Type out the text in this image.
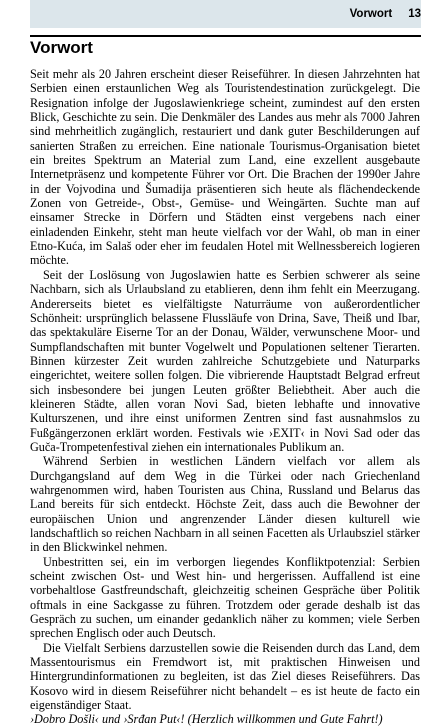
Vorwort 13
Vorwort

Seit mehr als 20 Jahren erscheint dieser Reiseführer. In diesen Jahrzehnten hat Serbien einen erstaunlichen Weg als Touristendestination zurückgelegt. Die Resignation infolge der Jugoslawienkriege scheint, zumindest auf den ersten Blick, Geschichte zu sein. Die Denkmäler des Landes aus mehr als 7000 Jahren sind mehrheitlich zugänglich, restauriert und dank guter Beschilderungen auf sanierten Straßen zu erreichen. Eine nationale Tourismus-Organisation bietet ein breites Spektrum an Material zum Land, eine exzellent ausgebaute Internetpräsenz und kompetente Führer vor Ort. Die Brachen der 1990er Jahre in der Vojvodina und Šumadija präsentieren sich heute als flächendeckende Zonen von Getreide-, Obst-, Gemüse- und Weingärten. Suchte man auf einsamer Strecke in Dörfern und Städten einst vergebens nach einer einladenden Einkehr, steht man heute vielfach vor der Wahl, ob man in einer Etno-Kuća, im Salaš oder eher im feudalen Hotel mit Wellnessbereich logieren möchte.

Seit der Loslösung von Jugoslawien hatte es Serbien schwerer als seine Nachbarn, sich als Urlaubsland zu etablieren, denn ihm fehlt ein Meerzugang. Andererseits bietet es vielfältigste Naturräume von außerordentlicher Schönheit: ursprünglich belassene Flussläufe von Drina, Save, Theiß und Ibar, das spektakuläre Eiserne Tor an der Donau, Wälder, verwunschene Moor- und Sumpflandschaften mit bunter Vogelwelt und Populationen seltener Tierarten. Binnen kürzester Zeit wurden zahlreiche Schutzgebiete und Naturparks eingerichtet, weitere sollen folgen. Die vibrierende Hauptstadt Belgrad erfreut sich insbesondere bei jungen Leuten größter Beliebtheit. Aber auch die kleineren Städte, allen voran Novi Sad, bieten lebhafte und innovative Kulturszenen, und ihre einst uniformen Zentren sind fast ausnahmslos zu Fußgängerzonen erklärt worden. Festivals wie ›EXIT‹ in Novi Sad oder das Guča-Trompetenfestival ziehen ein internationales Publikum an.

Während Serbien in westlichen Ländern vielfach vor allem als Durchgangsland auf dem Weg in die Türkei oder nach Griechenland wahrgenommen wird, haben Touristen aus China, Russland und Belarus das Land bereits für sich entdeckt. Höchste Zeit, dass auch die Bewohner der europäischen Union und angrenzender Länder diesen kulturell wie landschaftlich so reichen Nachbarn in all seinen Facetten als Urlaubsziel stärker in den Blickwinkel nehmen.

Unbestritten sei, ein im verborgen liegendes Konfliktpotenzial: Serbien scheint zwischen Ost- und West hin- und hergerissen. Auffallend ist eine vorbehaltlose Gastfreundschaft, gleichzeitig scheinen Gespräche über Politik oftmals in eine Sackgasse zu führen. Trotzdem oder gerade deshalb ist das Gespräch zu suchen, um einander gedanklich näher zu kommen; viele Serben sprechen Englisch oder auch Deutsch.

Die Vielfalt Serbiens darzustellen sowie die Reisenden durch das Land, dem Massentourismus ein Fremdwort ist, mit praktischen Hinweisen und Hintergrundinformationen zu begleiten, ist das Ziel dieses Reiseführers. Das Kosovo wird in diesem Reiseführer nicht behandelt – es ist heute de facto ein eigenständiger Staat.

›Dobro Došli‹ und ›Srđan Put‹! (Herzlich willkommen und Gute Fahrt!)
